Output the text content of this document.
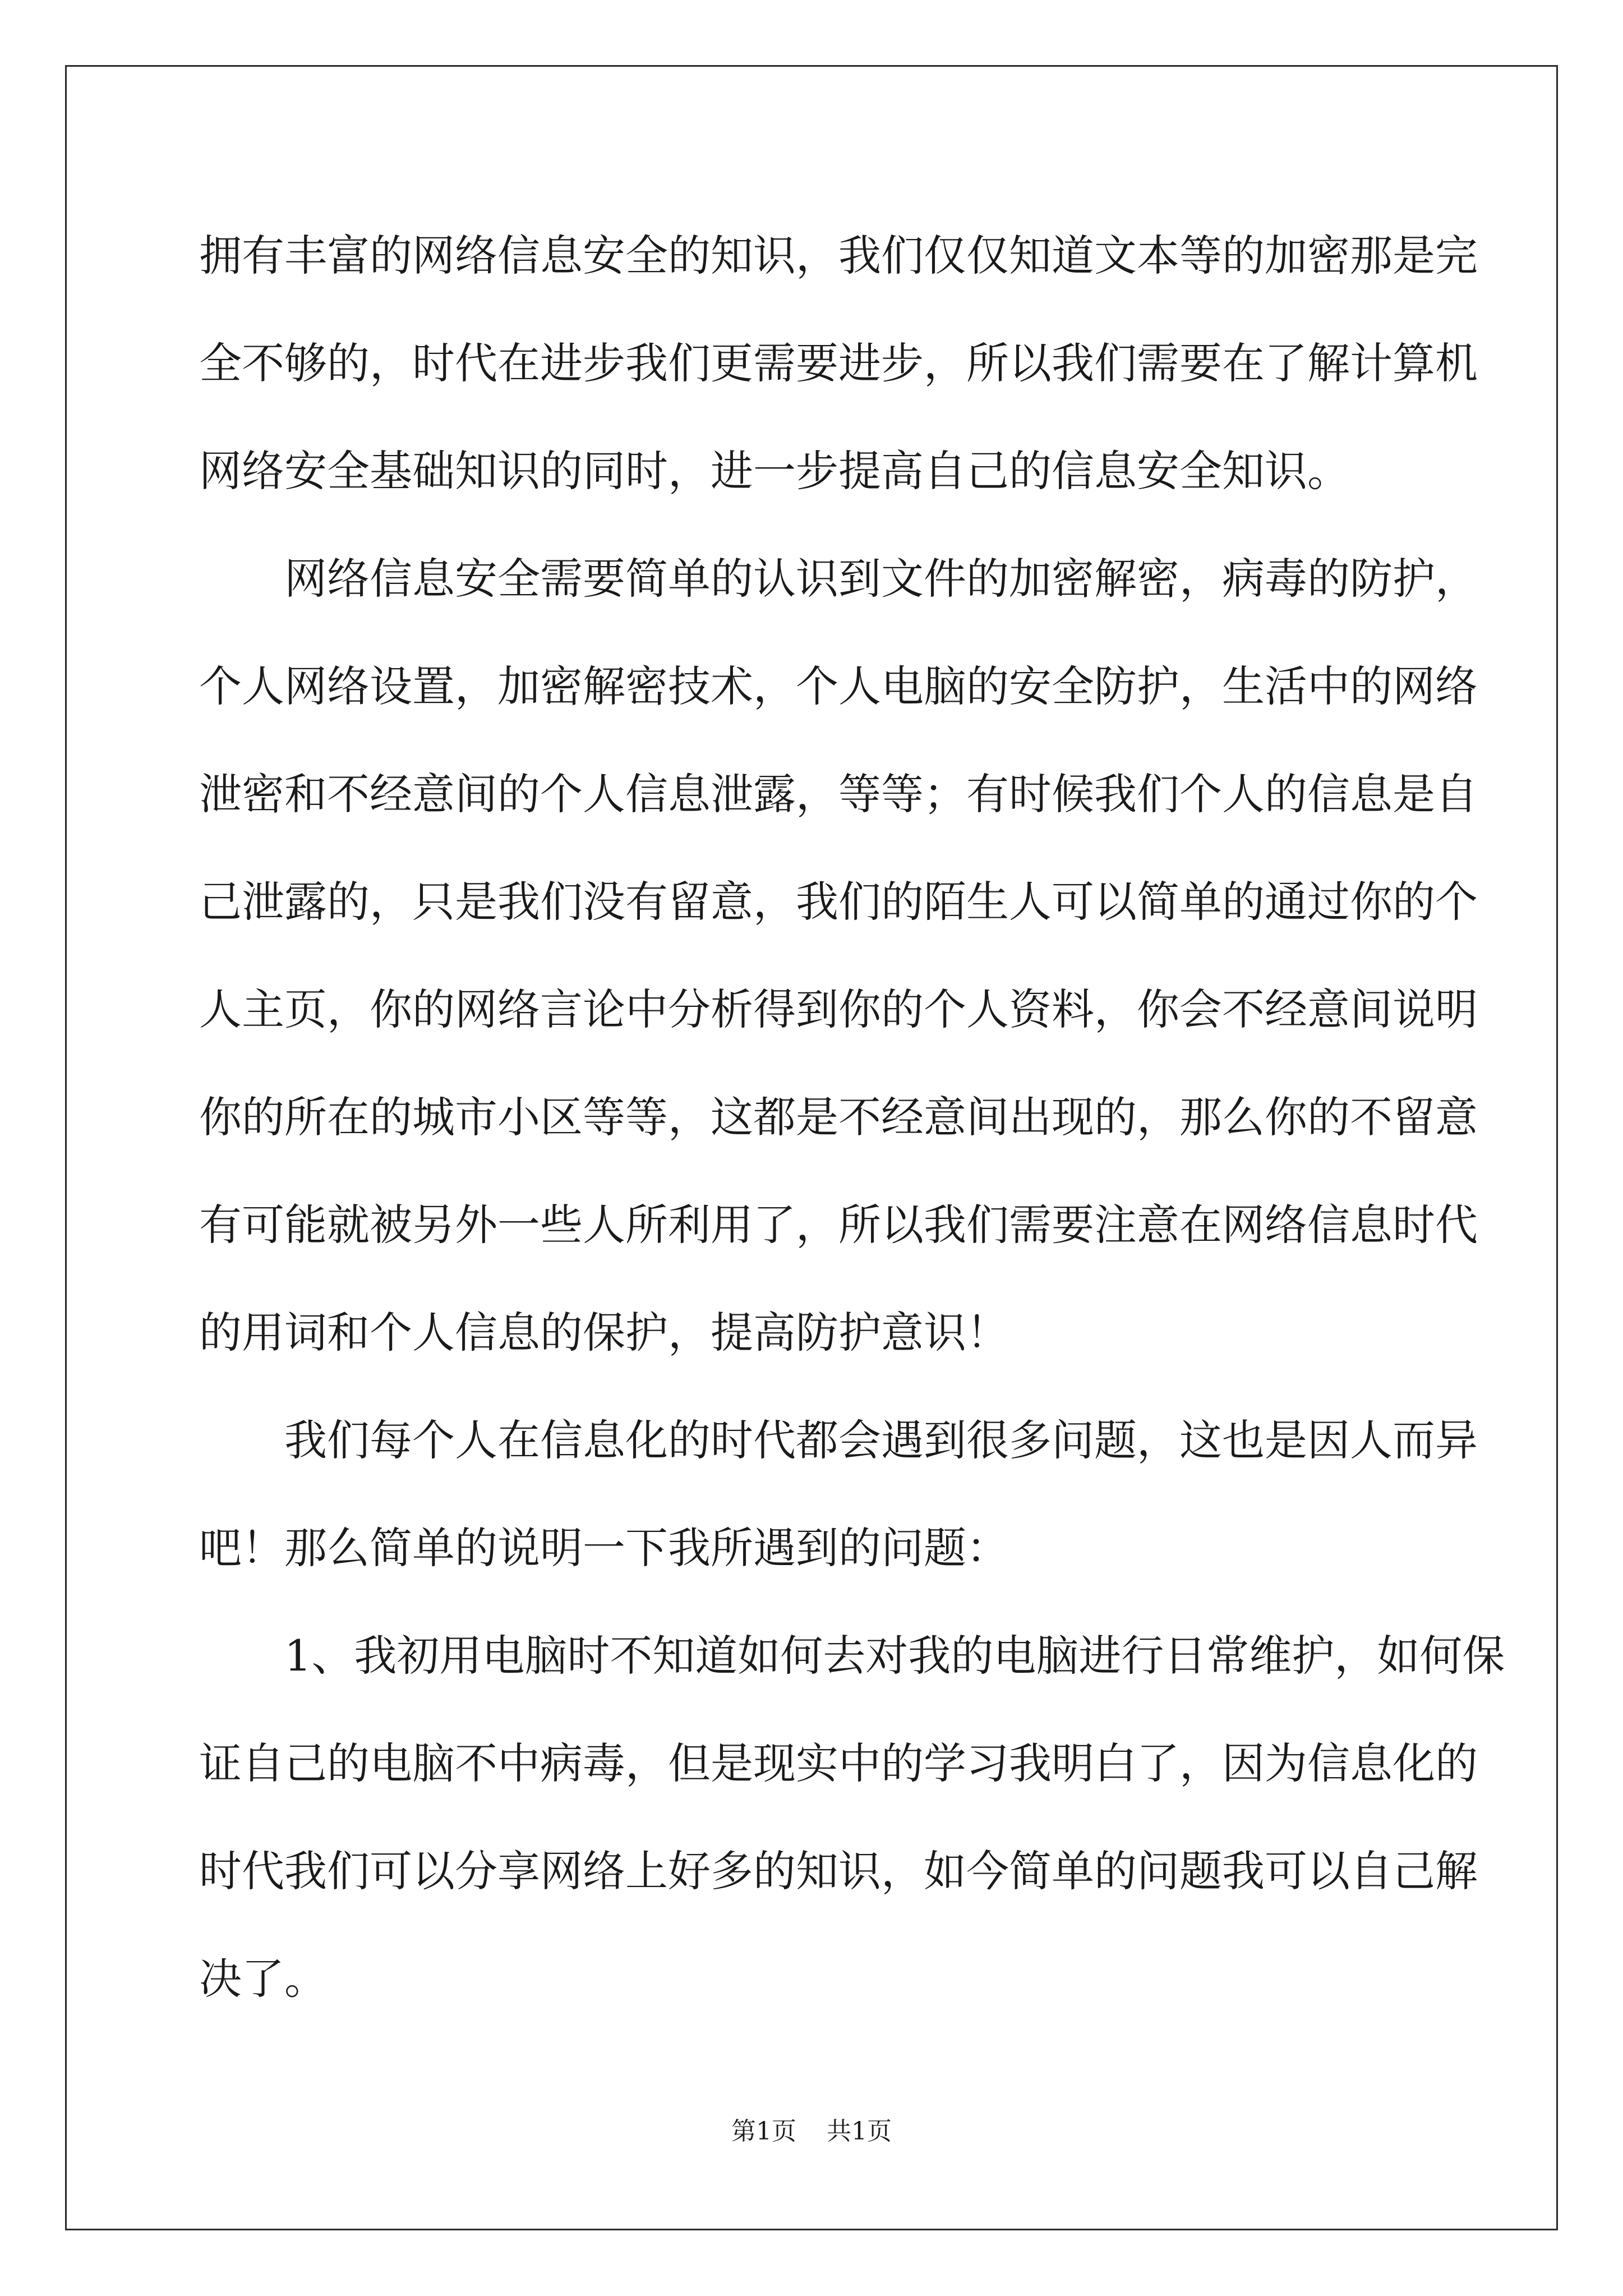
拥有丰富的网络信息安全的知识，我们仅仅知道文本等的加密那是完
全不够的，时代在进步我们更需要进步，所以我们需要在了解计算机
网络安全基础知识的同时，进一步提高自己的信息安全知识。
网络信息安全需要简单的认识到文件的加密解密，病毒的防护，
个人网络设置，加密解密技术，个人电脑的安全防护，生活中的网络
泄密和不经意间的个人信息泄露，等等；有时候我们个人的信息是自
己泄露的，只是我们没有留意，我们的陌生人可以简单的通过你的个
人主页，你的网络言论中分析得到你的个人资料，你会不经意间说明
你的所在的城市小区等等，这都是不经意间出现的，那么你的不留意
有可能就被另外一些人所利用了，所以我们需要注意在网络信息时代
的用词和个人信息的保护，提高防护意识！
我们每个人在信息化的时代都会遇到很多问题，这也是因人而异
吧！那么简单的说明一下我所遇到的问题：
1、我初用电脑时不知道如何去对我的电脑进行日常维护，如何保
证自己的电脑不中病毒，但是现实中的学习我明白了，因为信息化的
时代我们可以分享网络上好多的知识，如今简单的问题我可以自己解
决了。
第1页 共1页
